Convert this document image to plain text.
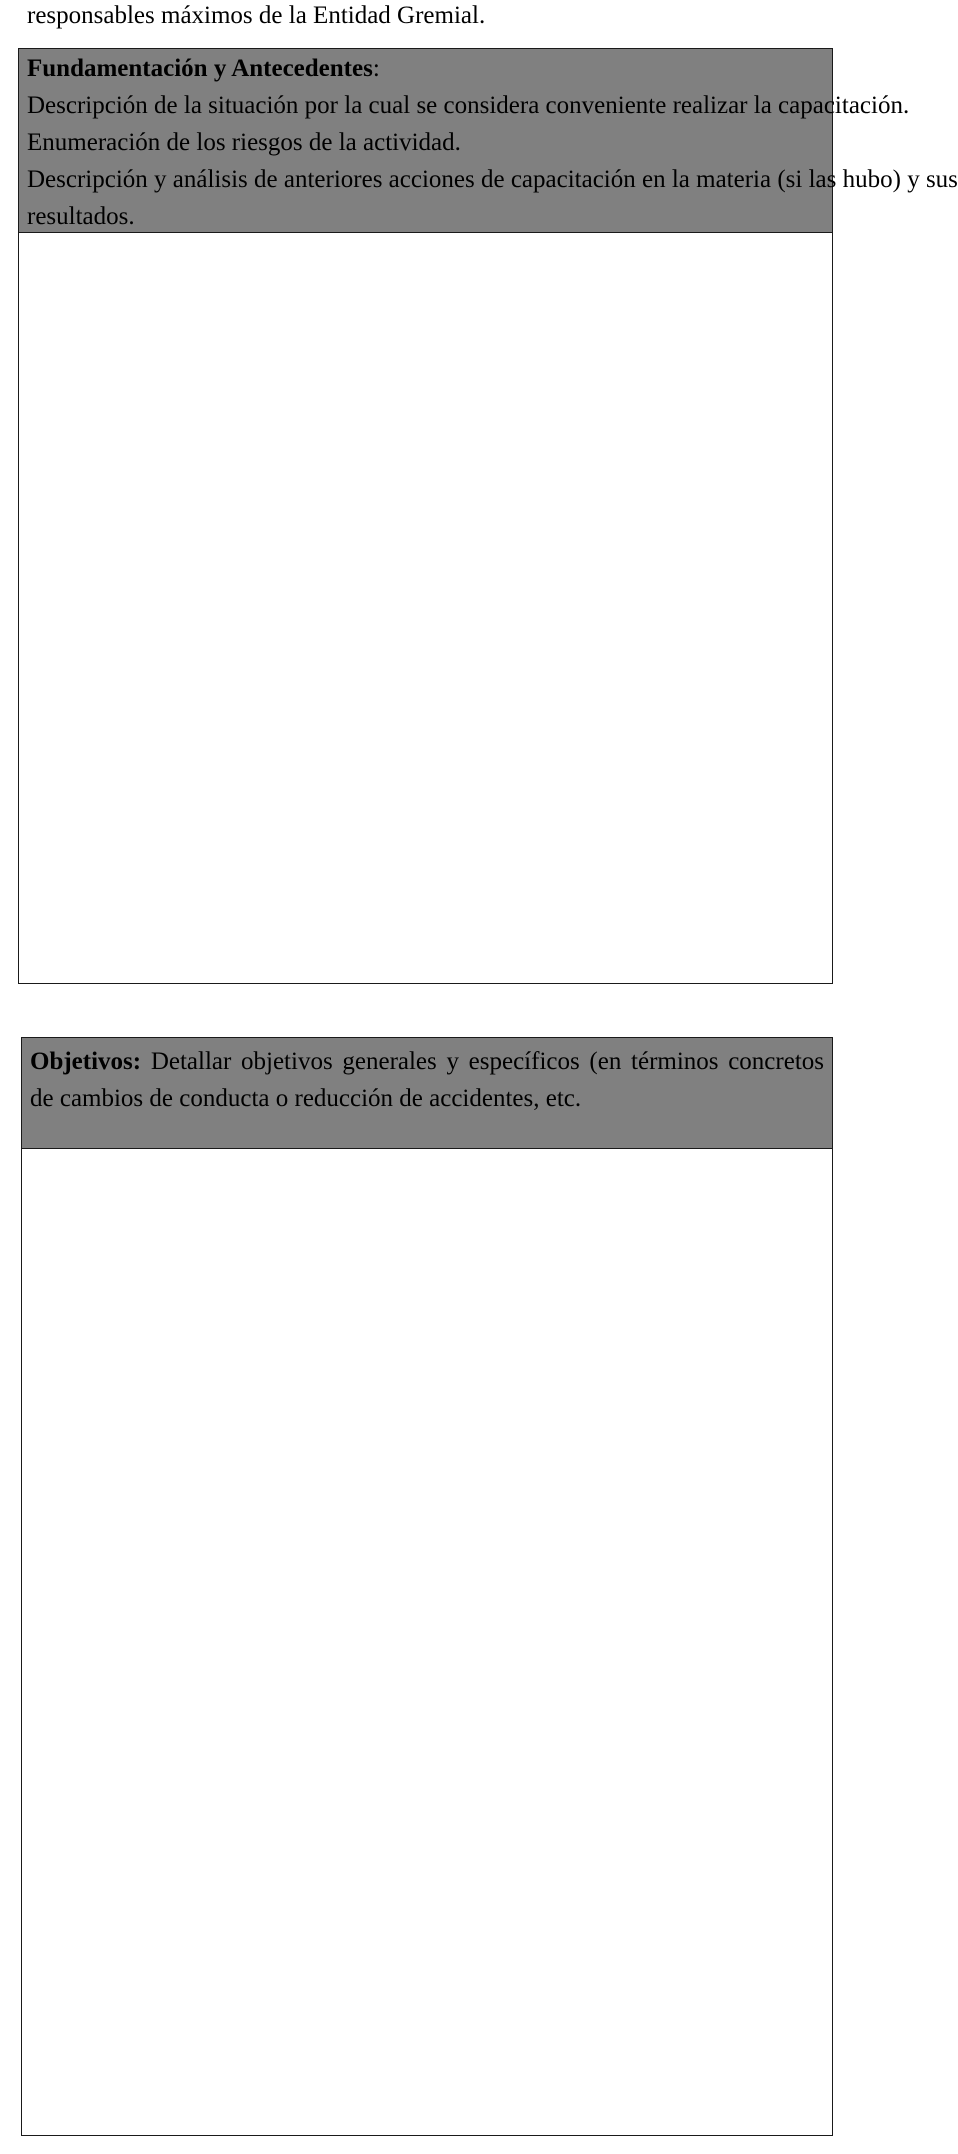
responsables máximos de la Entidad Gremial.
Fundamentación y Antecedentes:
Descripción de la situación por la cual se considera conveniente realizar la capacitación.
Enumeración de los riesgos de la actividad.
Descripción y análisis de anteriores acciones de capacitación en la materia (si las hubo) y sus
resultados.
Objetivos: Detallar objetivos generales y específicos (en términos concretos de cambios de conducta o reducción de accidentes, etc.
